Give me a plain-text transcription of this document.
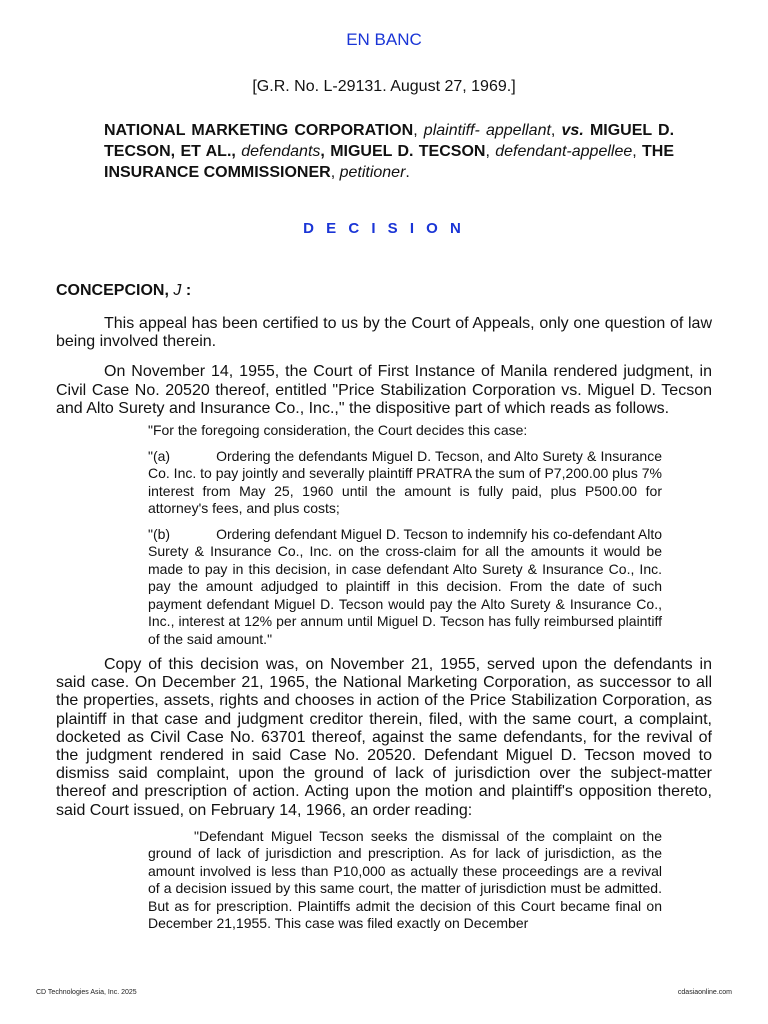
EN BANC
[G.R. No. L-29131. August 27, 1969.]
NATIONAL MARKETING CORPORATION, plaintiff- appellant, vs. MIGUEL D. TECSON, ET AL., defendants, MIGUEL D. TECSON, defendant-appellee, THE INSURANCE COMMISSIONER, petitioner.
D E C I S I O N
CONCEPCION, J :

This appeal has been certified to us by the Court of Appeals, only one question of law being involved therein.

On November 14, 1955, the Court of First Instance of Manila rendered judgment, in Civil Case No. 20520 thereof, entitled "Price Stabilization Corporation vs. Miguel D. Tecson and Alto Surety and Insurance Co., Inc.," the dispositive part of which reads as follows.

"For the foregoing consideration, the Court decides this case:

"(a)	Ordering the defendants Miguel D. Tecson, and Alto Surety & Insurance Co. Inc. to pay jointly and severally plaintiff PRATRA the sum of P7,200.00 plus 7% interest from May 25, 1960 until the amount is fully paid, plus P500.00 for attorney's fees, and plus costs;

"(b)	Ordering defendant Miguel D. Tecson to indemnify his co-defendant Alto Surety & Insurance Co., Inc. on the cross-claim for all the amounts it would be made to pay in this decision, in case defendant Alto Surety & Insurance Co., Inc. pay the amount adjudged to plaintiff in this decision. From the date of such payment defendant Miguel D. Tecson would pay the Alto Surety & Insurance Co., Inc., interest at 12% per annum until Miguel D. Tecson has fully reimbursed plaintiff of the said amount."

Copy of this decision was, on November 21, 1955, served upon the defendants in said case. On December 21, 1965, the National Marketing Corporation, as successor to all the properties, assets, rights and chooses in action of the Price Stabilization Corporation, as plaintiff in that case and judgment creditor therein, filed, with the same court, a complaint, docketed as Civil Case No. 63701 thereof, against the same defendants, for the revival of the judgment rendered in said Case No. 20520. Defendant Miguel D. Tecson moved to dismiss said complaint, upon the ground of lack of jurisdiction over the subject-matter thereof and prescription of action. Acting upon the motion and plaintiff's opposition thereto, said Court issued, on February 14, 1966, an order reading:

"Defendant Miguel Tecson seeks the dismissal of the complaint on the ground of lack of jurisdiction and prescription. As for lack of jurisdiction, as the amount involved is less than P10,000 as actually these proceedings are a revival of a decision issued by this same court, the matter of jurisdiction must be admitted. But as for prescription. Plaintiffs admit the decision of this Court became final on December 21,1955. This case was filed exactly on December

CD Technologies Asia, Inc. 2025	cdasiaonline.com
